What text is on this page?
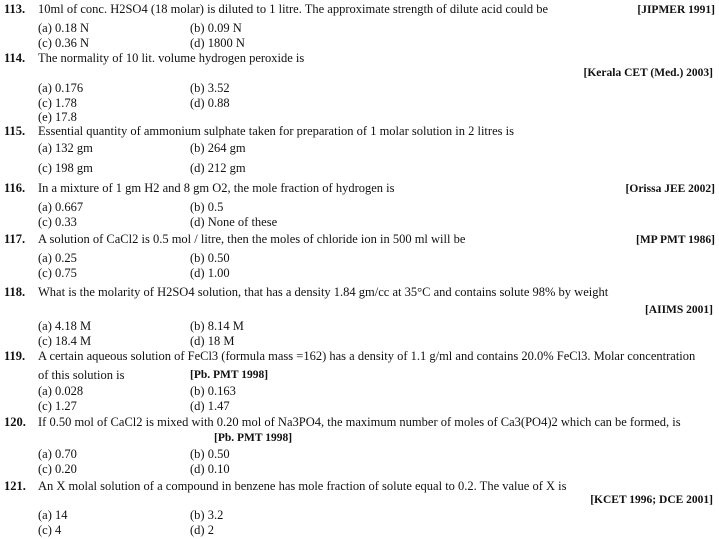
113.	10ml of conc. H2SO4 (18 molar) is diluted to 1 litre. The approximate strength of dilute acid could be	[JIPMER 1991]
(a) 0.18 N	(b) 0.09 N
(c) 0.36 N	(d) 1800 N
114.	The normality of 10 lit. volume hydrogen peroxide is
[Kerala CET (Med.) 2003]
(a) 0.176	(b) 3.52
(c) 1.78	(d) 0.88
(e) 17.8
115.	Essential quantity of ammonium sulphate taken for preparation of 1 molar solution in 2 litres is
(a) 132 gm	(b) 264 gm
(c) 198 gm	(d) 212 gm
116.	In a mixture of 1 gm H2 and 8 gm O2, the mole fraction of hydrogen is	[Orissa JEE 2002]
(a) 0.667	(b) 0.5
(c) 0.33	(d) None of these
117.	A solution of CaCl2 is 0.5 mol / litre, then the moles of chloride ion in 500 ml will be	[MP PMT 1986]
(a) 0.25	(b) 0.50
(c) 0.75	(d) 1.00
118.	What is the molarity of H2SO4 solution, that has a density 1.84 gm/cc at 35°C and contains solute 98% by weight
[AIIMS 2001]
(a) 4.18 M	(b) 8.14 M
(c) 18.4 M	(d) 18 M
119.	A certain aqueous solution of FeCl3 (formula mass =162) has a density of 1.1 g/ml and contains 20.0% FeCl3. Molar concentration
of this solution is	[Pb. PMT 1998]
(a) 0.028	(b) 0.163
(c) 1.27	(d) 1.47
120. If 0.50 mol of CaCl2 is mixed with 0.20 mol of Na3PO4, the maximum number of moles of Ca3(PO4)2 which can be formed, is
[Pb. PMT 1998]
(a) 0.70	(b) 0.50
(c) 0.20	(d) 0.10
121. An X molal solution of a compound in benzene has mole fraction of solute equal to 0.2. The value of X is
[KCET 1996; DCE 2001]
(a) 14	(b) 3.2
(c) 4	(d) 2
